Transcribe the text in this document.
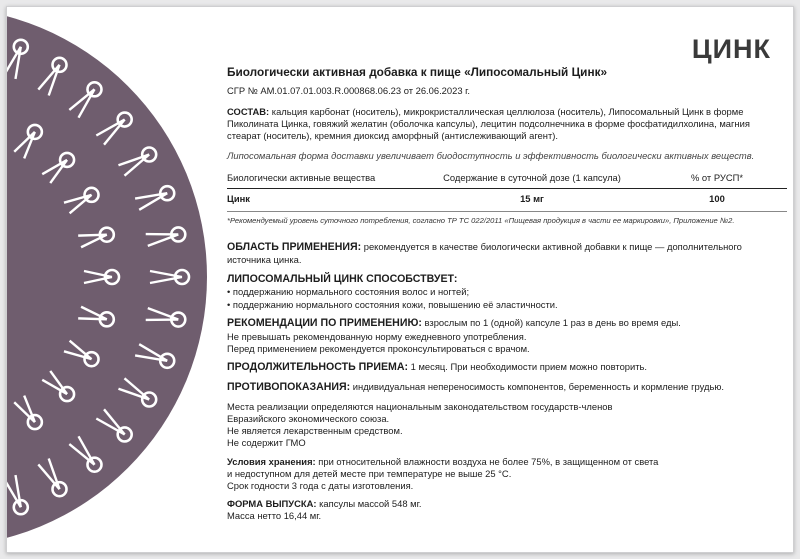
ЦИНК

Биологически активная добавка к пище «Липосомальный Цинк»

СГР № AM.01.07.01.003.R.000868.06.23 от 26.06.2023 г.

СОСТАВ: кальция карбонат (носитель), микрокристаллическая целлюлоза (носитель), Липосомальный Цинк в форме Пиколината Цинка, говяжий желатин (оболочка капсулы), лецитин подсолнечника в форме фосфатидилхолина, магния стеарат (носитель), кремния диоксид аморфный (антислеживающий агент).

Липосомальная форма доставки увеличивает биодоступность и эффективность биологически активных веществ.

Биологически активные вещества	Содержание в суточной дозе (1 капсула)	% от РУСП*
Цинк	15 мг	100

*Рекомендуемый уровень суточного потребления, согласно ТР ТС 022/2011 «Пищевая продукция в части ее маркировки», Приложение №2.

ОБЛАСТЬ ПРИМЕНЕНИЯ: рекомендуется в качестве биологически активной добавки к пище — дополнительного источника цинка.

ЛИПОСОМАЛЬНЫЙ ЦИНК СПОСОБСТВУЕТ:

• поддержанию нормального состояния волос и ногтей;

• поддержанию нормального состояния кожи, повышению её эластичности.

РЕКОМЕНДАЦИИ ПО ПРИМЕНЕНИЮ: взрослым по 1 (одной) капсуле 1 раз в день во время еды.

Не превышать рекомендованную норму ежедневного употребления.

Перед применением рекомендуется проконсультироваться с врачом.

ПРОДОЛЖИТЕЛЬНОСТЬ ПРИЕМА: 1 месяц. При необходимости прием можно повторить.

ПРОТИВОПОКАЗАНИЯ: индивидуальная непереносимость компонентов, беременность и кормление грудью.

Места реализации определяются национальным законодательством государств-членов

Евразийского экономического союза.

Не является лекарственным средством.

Не содержит ГМО

Условия хранения: при относительной влажности воздуха не более 75%, в защищенном от света

и недоступном для детей месте при температуре не выше 25 °С.

Срок годности 3 года с даты изготовления.

ФОРМА ВЫПУСКА: капсулы массой 548 мг.

Масса нетто 16,44 мг.
